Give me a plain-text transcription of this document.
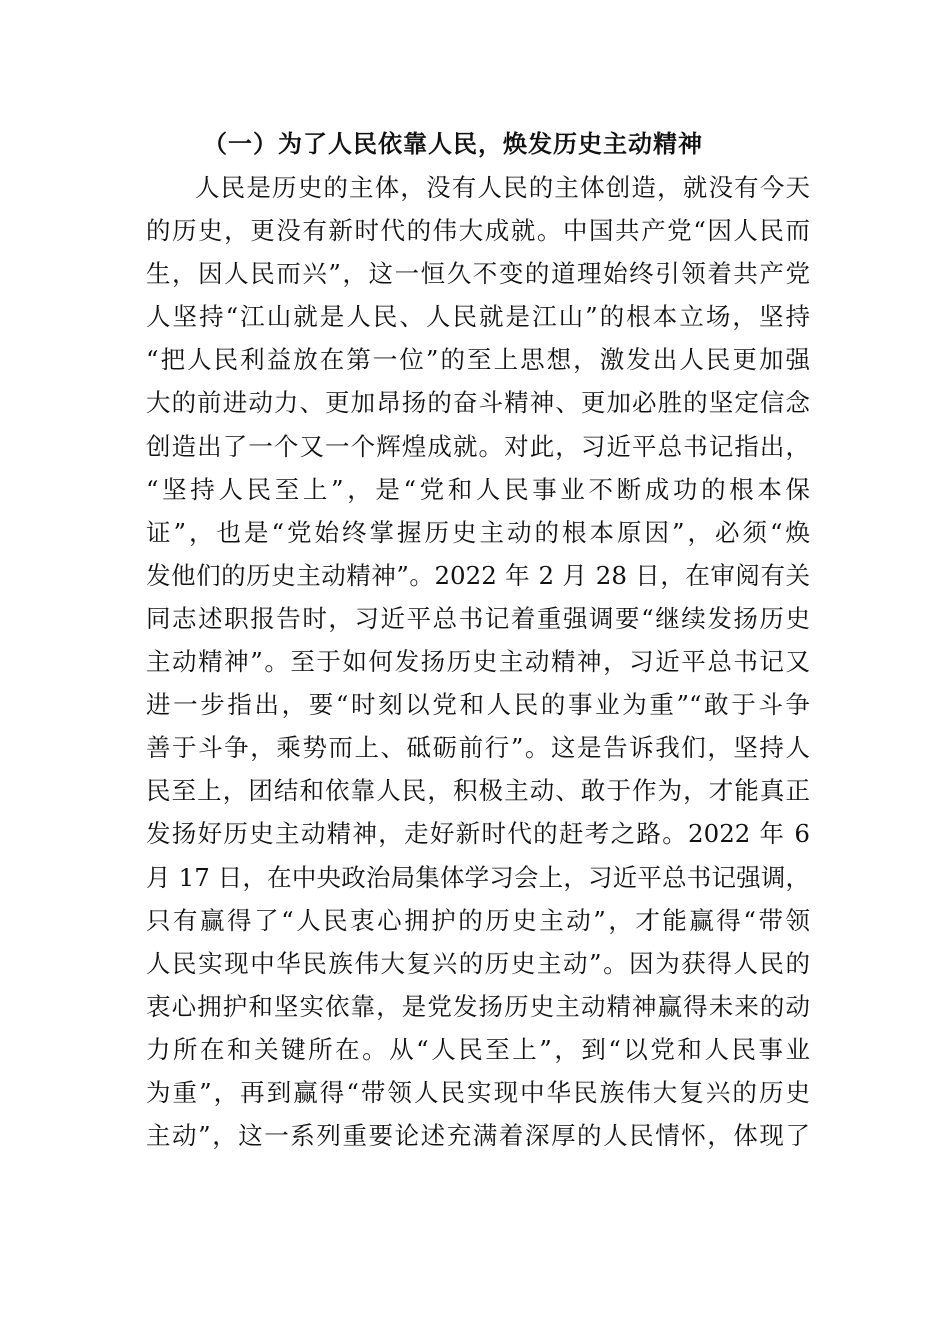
（一）为了人民依靠人民，焕发历史主动精神
人民是历史的主体，没有人民的主体创造，就没有今天
的历史，更没有新时代的伟大成就。中国共产党“因人民而
生，因人民而兴”，这一恒久不变的道理始终引领着共产党
人坚持“江山就是人民、人民就是江山”的根本立场，坚持
“把人民利益放在第一位”的至上思想，激发出人民更加强
大的前进动力、更加昂扬的奋斗精神、更加必胜的坚定信念
创造出了一个又一个辉煌成就。对此，习近平总书记指出，
“坚持人民至上”，是“党和人民事业不断成功的根本保
证”，也是“党始终掌握历史主动的根本原因”，必须“焕
发他们的历史主动精神”。2022 年 2 月 28 日，在审阅有关
同志述职报告时，习近平总书记着重强调要“继续发扬历史
主动精神”。至于如何发扬历史主动精神，习近平总书记又
进一步指出，要“时刻以党和人民的事业为重”“敢于斗争
善于斗争，乘势而上、砥砺前行”。这是告诉我们，坚持人
民至上，团结和依靠人民，积极主动、敢于作为，才能真正
发扬好历史主动精神，走好新时代的赶考之路。2022 年 6
月 17 日，在中央政治局集体学习会上，习近平总书记强调，
只有赢得了“人民衷心拥护的历史主动”，才能赢得“带领
人民实现中华民族伟大复兴的历史主动”。因为获得人民的
衷心拥护和坚实依靠，是党发扬历史主动精神赢得未来的动
力所在和关键所在。从“人民至上”，到“以党和人民事业
为重”，再到赢得“带领人民实现中华民族伟大复兴的历史
主动”，这一系列重要论述充满着深厚的人民情怀，体现了
